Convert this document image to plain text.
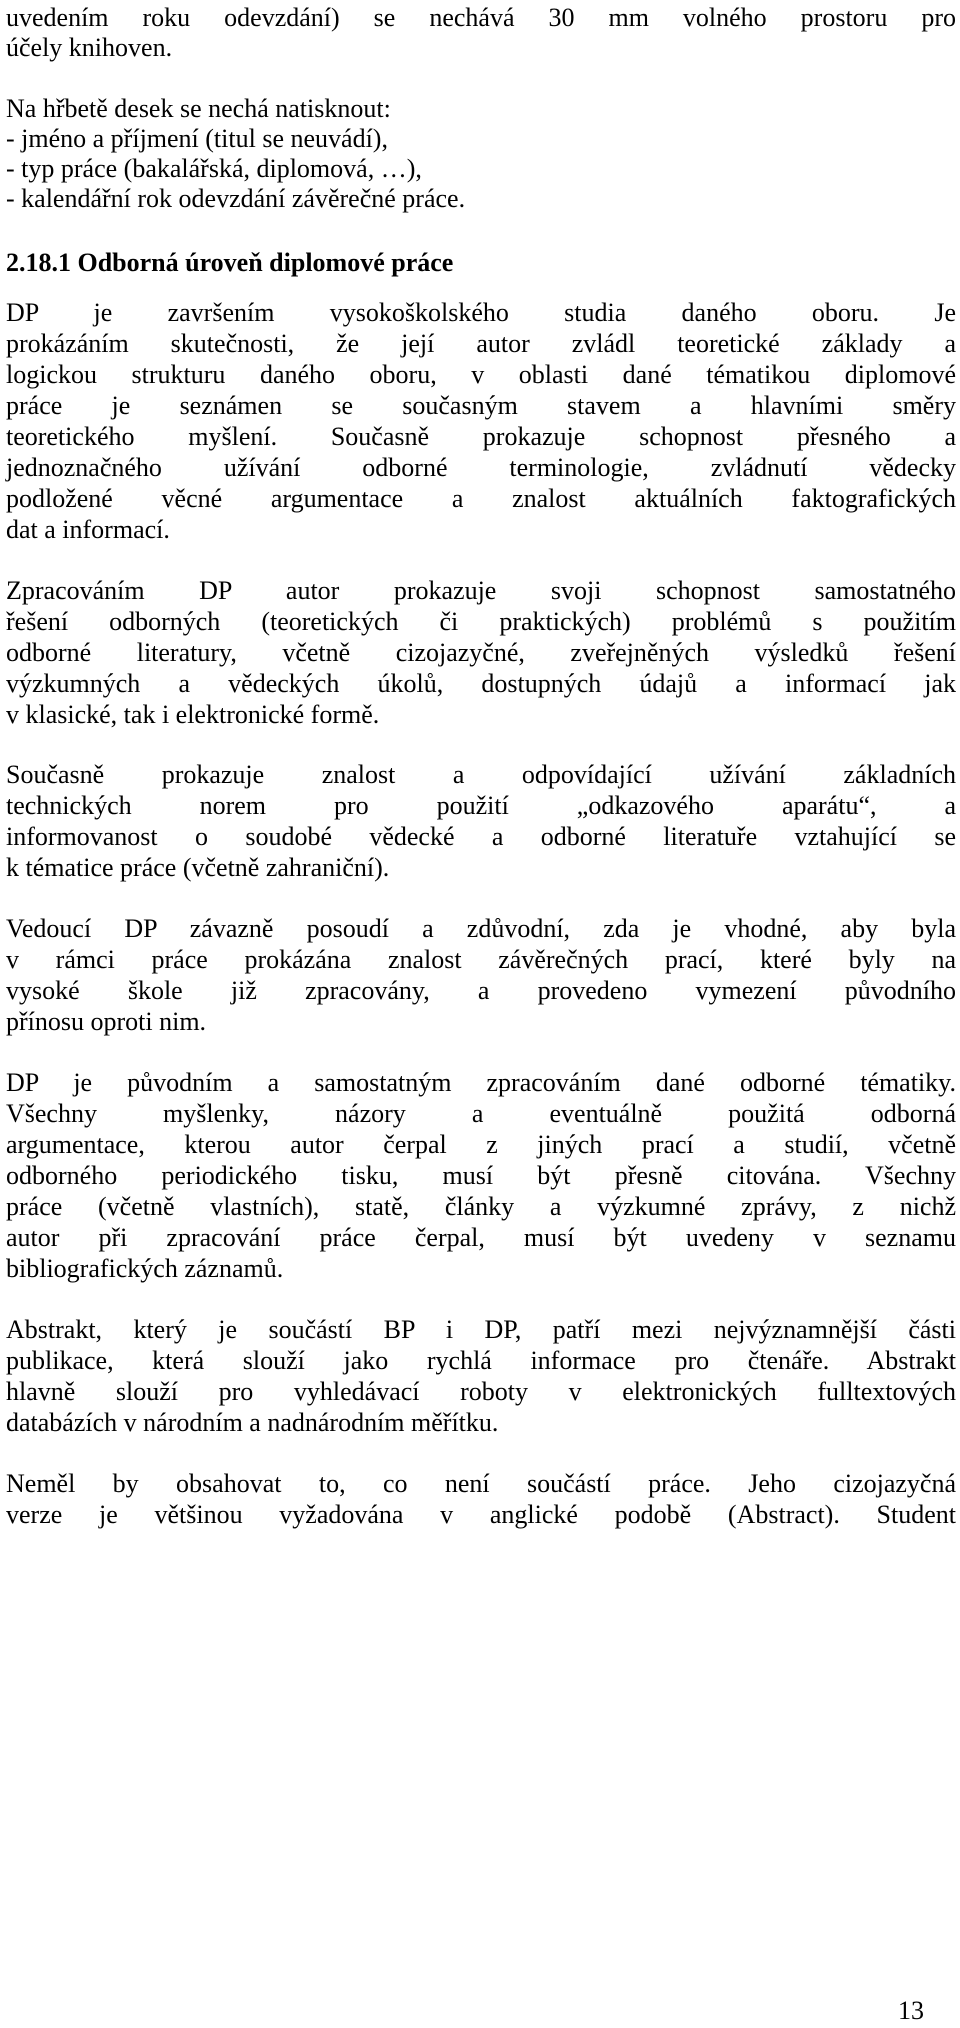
uvedením roku odevzdání) se nechává 30 mm volného prostoru pro
účely knihoven.
Na hřbetě desek se nechá natisknout:
- jméno a příjmení (titul se neuvádí),
- typ práce (bakalářská, diplomová, …),
- kalendářní rok odevzdání závěrečné práce.
2.18.1 Odborná úroveň diplomové práce
DP je završením vysokoškolského studia daného oboru. Je
prokázáním skutečnosti, že její autor zvládl teoretické základy a
logickou strukturu daného oboru, v oblasti dané tématikou diplomové
práce je seznámen se současným stavem a hlavními směry
teoretického myšlení. Současně prokazuje schopnost přesného a
jednoznačného užívání odborné terminologie, zvládnutí vědecky
podložené věcné argumentace a znalost aktuálních faktografických
dat a informací.
Zpracováním DP autor prokazuje svoji schopnost samostatného
řešení odborných (teoretických či praktických) problémů s použitím
odborné literatury, včetně cizojazyčné, zveřejněných výsledků řešení
výzkumných a vědeckých úkolů, dostupných údajů a informací jak
v klasické, tak i elektronické formě.
Současně prokazuje znalost a odpovídající užívání základních
technických norem pro použití „odkazového aparátu“, a
informovanost o soudobé vědecké a odborné literatuře vztahující se
k tématice práce (včetně zahraniční).
Vedoucí DP závazně posoudí a zdůvodní, zda je vhodné, aby byla
v rámci práce prokázána znalost závěrečných prací, které byly na
vysoké škole již zpracovány, a provedeno vymezení původního
přínosu oproti nim.
DP je původním a samostatným zpracováním dané odborné tématiky.
Všechny myšlenky, názory a eventuálně použitá odborná
argumentace, kterou autor čerpal z jiných prací a studií, včetně
odborného periodického tisku, musí být přesně citována. Všechny
práce (včetně vlastních), statě, články a výzkumné zprávy, z nichž
autor při zpracování práce čerpal, musí být uvedeny v seznamu
bibliografických záznamů.
Abstrakt, který je součástí BP i DP, patří mezi nejvýznamnější části
publikace, která slouží jako rychlá informace pro čtenáře. Abstrakt
hlavně slouží pro vyhledávací roboty v elektronických fulltextových
databázích v národním a nadnárodním měřítku.
Neměl by obsahovat to, co není součástí práce. Jeho cizojazyčná
verze je většinou vyžadována v anglické podobě (Abstract). Student
13
